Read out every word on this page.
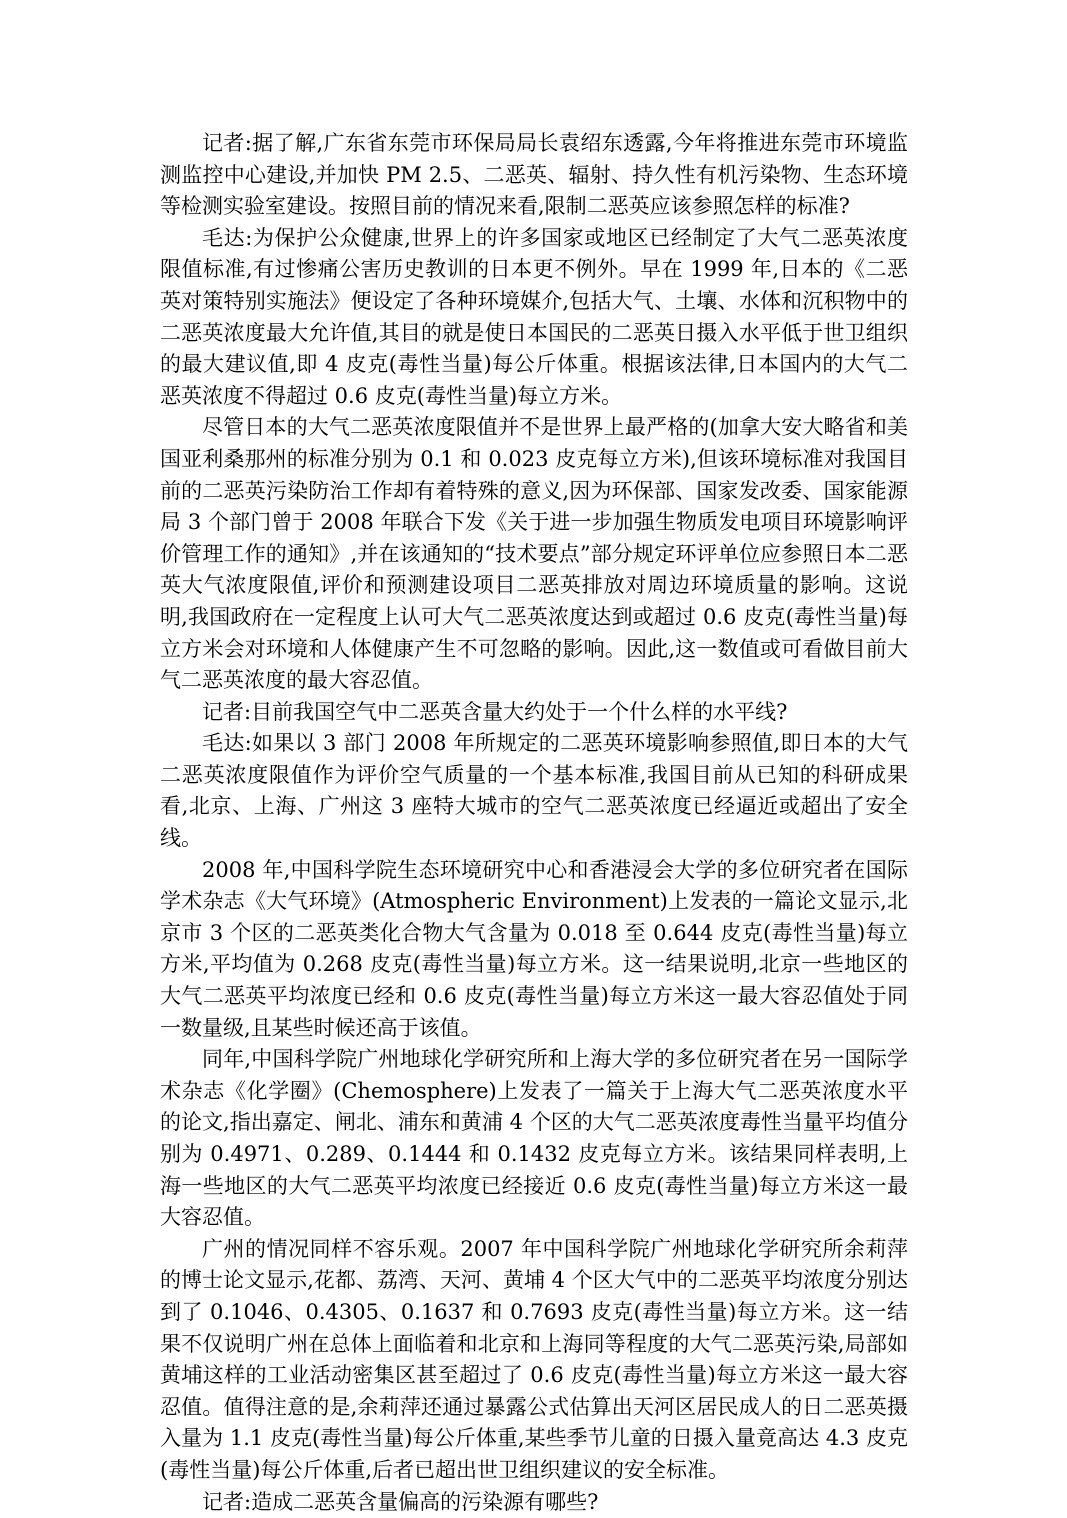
记者:据了解,广东省东莞市环保局局长袁绍东透露,今年将推进东莞市环境监测监控中心建设,并加快 PM 2.5、二恶英、辐射、持久性有机污染物、生态环境等检测实验室建设。按照目前的情况来看,限制二恶英应该参照怎样的标准?

毛达:为保护公众健康,世界上的许多国家或地区已经制定了大气二恶英浓度限值标准,有过惨痛公害历史教训的日本更不例外。早在 1999 年,日本的《二恶英对策特别实施法》便设定了各种环境媒介,包括大气、土壤、水体和沉积物中的二恶英浓度最大允许值,其目的就是使日本国民的二恶英日摄入水平低于世卫组织的最大建议值,即 4 皮克(毒性当量)每公斤体重。根据该法律,日本国内的大气二恶英浓度不得超过 0.6 皮克(毒性当量)每立方米。

尽管日本的大气二恶英浓度限值并不是世界上最严格的(加拿大安大略省和美国亚利桑那州的标准分别为 0.1 和 0.023 皮克每立方米),但该环境标准对我国目前的二恶英污染防治工作却有着特殊的意义,因为环保部、国家发改委、国家能源局 3 个部门曾于 2008 年联合下发《关于进一步加强生物质发电项目环境影响评价管理工作的通知》,并在该通知的“技术要点”部分规定环评单位应参照日本二恶英大气浓度限值,评价和预测建设项目二恶英排放对周边环境质量的影响。这说明,我国政府在一定程度上认可大气二恶英浓度达到或超过 0.6 皮克(毒性当量)每立方米会对环境和人体健康产生不可忽略的影响。因此,这一数值或可看做目前大气二恶英浓度的最大容忍值。

记者:目前我国空气中二恶英含量大约处于一个什么样的水平线?

毛达:如果以 3 部门 2008 年所规定的二恶英环境影响参照值,即日本的大气二恶英浓度限值作为评价空气质量的一个基本标准,我国目前从已知的科研成果看,北京、上海、广州这 3 座特大城市的空气二恶英浓度已经逼近或超出了安全线。

2008 年,中国科学院生态环境研究中心和香港浸会大学的多位研究者在国际学术杂志《大气环境》(Atmospheric Environment)上发表的一篇论文显示,北京市 3 个区的二恶英类化合物大气含量为 0.018 至 0.644 皮克(毒性当量)每立方米,平均值为 0.268 皮克(毒性当量)每立方米。这一结果说明,北京一些地区的大气二恶英平均浓度已经和 0.6 皮克(毒性当量)每立方米这一最大容忍值处于同一数量级,且某些时候还高于该值。

同年,中国科学院广州地球化学研究所和上海大学的多位研究者在另一国际学术杂志《化学圈》(Chemosphere)上发表了一篇关于上海大气二恶英浓度水平的论文,指出嘉定、闸北、浦东和黄浦 4 个区的大气二恶英浓度毒性当量平均值分别为 0.4971、0.289、0.1444 和 0.1432 皮克每立方米。该结果同样表明,上海一些地区的大气二恶英平均浓度已经接近 0.6 皮克(毒性当量)每立方米这一最大容忍值。

广州的情况同样不容乐观。2007 年中国科学院广州地球化学研究所余莉萍的博士论文显示,花都、荔湾、天河、黄埔 4 个区大气中的二恶英平均浓度分别达到了 0.1046、0.4305、0.1637 和 0.7693 皮克(毒性当量)每立方米。这一结果不仅说明广州在总体上面临着和北京和上海同等程度的大气二恶英污染,局部如黄埔这样的工业活动密集区甚至超过了 0.6 皮克(毒性当量)每立方米这一最大容忍值。值得注意的是,余莉萍还通过暴露公式估算出天河区居民成人的日二恶英摄入量为 1.1 皮克(毒性当量)每公斤体重,某些季节儿童的日摄入量竟高达 4.3 皮克(毒性当量)每公斤体重,后者已超出世卫组织建议的安全标准。

记者:造成二恶英含量偏高的污染源有哪些?
